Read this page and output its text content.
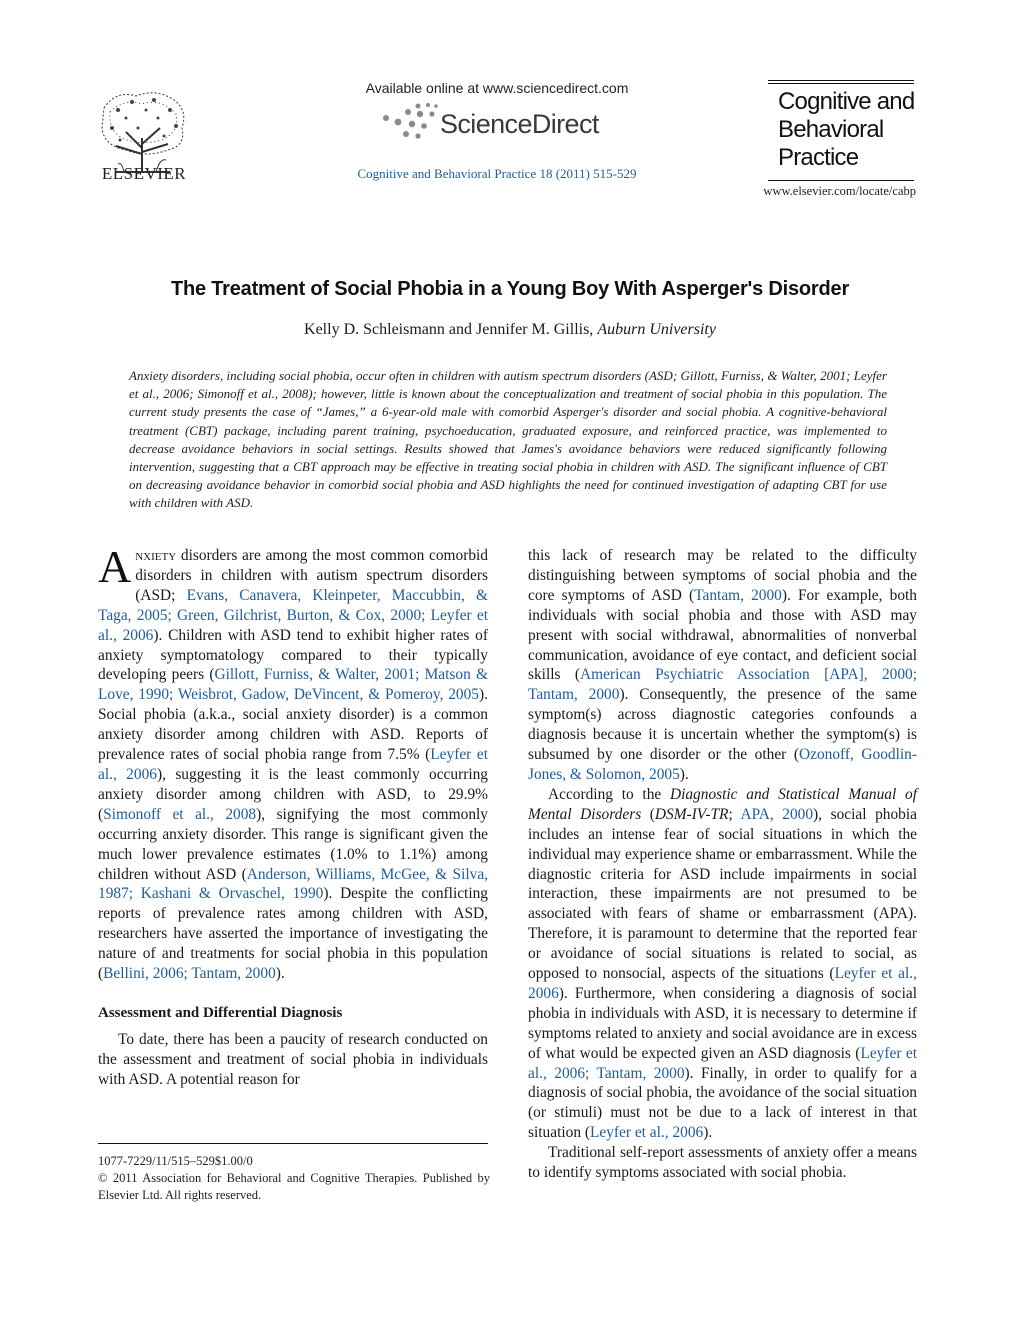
ELSEVIER
Available online at www.sciencedirect.com
ScienceDirect
Cognitive and Behavioral Practice 18 (2011) 515-529
Cognitive and
Behavioral
Practice
www.elsevier.com/locate/cabp
The Treatment of Social Phobia in a Young Boy With Asperger's Disorder
Kelly D. Schleismann and Jennifer M. Gillis, Auburn University
Anxiety disorders, including social phobia, occur often in children with autism spectrum disorders (ASD; Gillott, Furniss, & Walter, 2001; Leyfer et al., 2006; Simonoff et al., 2008); however, little is known about the conceptualization and treatment of social phobia in this population. The current study presents the case of “James,” a 6-year-old male with comorbid Asperger's disorder and social phobia. A cognitive-behavioral treatment (CBT) package, including parent training, psychoeducation, graduated exposure, and reinforced practice, was implemented to decrease avoidance behaviors in social settings. Results showed that James's avoidance behaviors were reduced significantly following intervention, suggesting that a CBT approach may be effective in treating social phobia in children with ASD. The significant influence of CBT on decreasing avoidance behavior in comorbid social phobia and ASD highlights the need for continued investigation of adapting CBT for use with children with ASD.

Anxiety disorders are among the most common comorbid disorders in children with autism spectrum disorders (ASD; Evans, Canavera, Kleinpeter, Maccubbin, & Taga, 2005; Green, Gilchrist, Burton, & Cox, 2000; Leyfer et al., 2006). Children with ASD tend to exhibit higher rates of anxiety symptomatology compared to their typically developing peers (Gillott, Furniss, & Walter, 2001; Matson & Love, 1990; Weisbrot, Gadow, DeVincent, & Pomeroy, 2005). Social phobia (a.k.a., social anxiety disorder) is a common anxiety disorder among children with ASD. Reports of prevalence rates of social phobia range from 7.5% (Leyfer et al., 2006), suggesting it is the least commonly occurring anxiety disorder among children with ASD, to 29.9% (Simonoff et al., 2008), signifying the most commonly occurring anxiety disorder. This range is significant given the much lower prevalence estimates (1.0% to 1.1%) among children without ASD (Anderson, Williams, McGee, & Silva, 1987; Kashani & Orvaschel, 1990). Despite the conflicting reports of prevalence rates among children with ASD, researchers have asserted the importance of investigating the nature of and treatments for social phobia in this population (Bellini, 2006; Tantam, 2000).

Assessment and Differential Diagnosis

To date, there has been a paucity of research conducted on the assessment and treatment of social phobia in individuals with ASD. A potential reason for

1077-7229/11/515–529$1.00/0

© 2011 Association for Behavioral and Cognitive Therapies. Published by Elsevier Ltd. All rights reserved.

this lack of research may be related to the difficulty distinguishing between symptoms of social phobia and the core symptoms of ASD (Tantam, 2000). For example, both individuals with social phobia and those with ASD may present with social withdrawal, abnormalities of nonverbal communication, avoidance of eye contact, and deficient social skills (American Psychiatric Association [APA], 2000; Tantam, 2000). Consequently, the presence of the same symptom(s) across diagnostic categories confounds a diagnosis because it is uncertain whether the symptom(s) is subsumed by one disorder or the other (Ozonoff, Goodlin-Jones, & Solomon, 2005).

According to the Diagnostic and Statistical Manual of Mental Disorders (DSM-IV-TR; APA, 2000), social phobia includes an intense fear of social situations in which the individual may experience shame or embarrassment. While the diagnostic criteria for ASD include impairments in social interaction, these impairments are not presumed to be associated with fears of shame or embarrassment (APA). Therefore, it is paramount to determine that the reported fear or avoidance of social situations is related to social, as opposed to nonsocial, aspects of the situations (Leyfer et al., 2006). Furthermore, when considering a diagnosis of social phobia in individuals with ASD, it is necessary to determine if symptoms related to anxiety and social avoidance are in excess of what would be expected given an ASD diagnosis (Leyfer et al., 2006; Tantam, 2000). Finally, in order to qualify for a diagnosis of social phobia, the avoidance of the social situation (or stimuli) must not be due to a lack of interest in that situation (Leyfer et al., 2006).

Traditional self-report assessments of anxiety offer a means to identify symptoms associated with social phobia.
